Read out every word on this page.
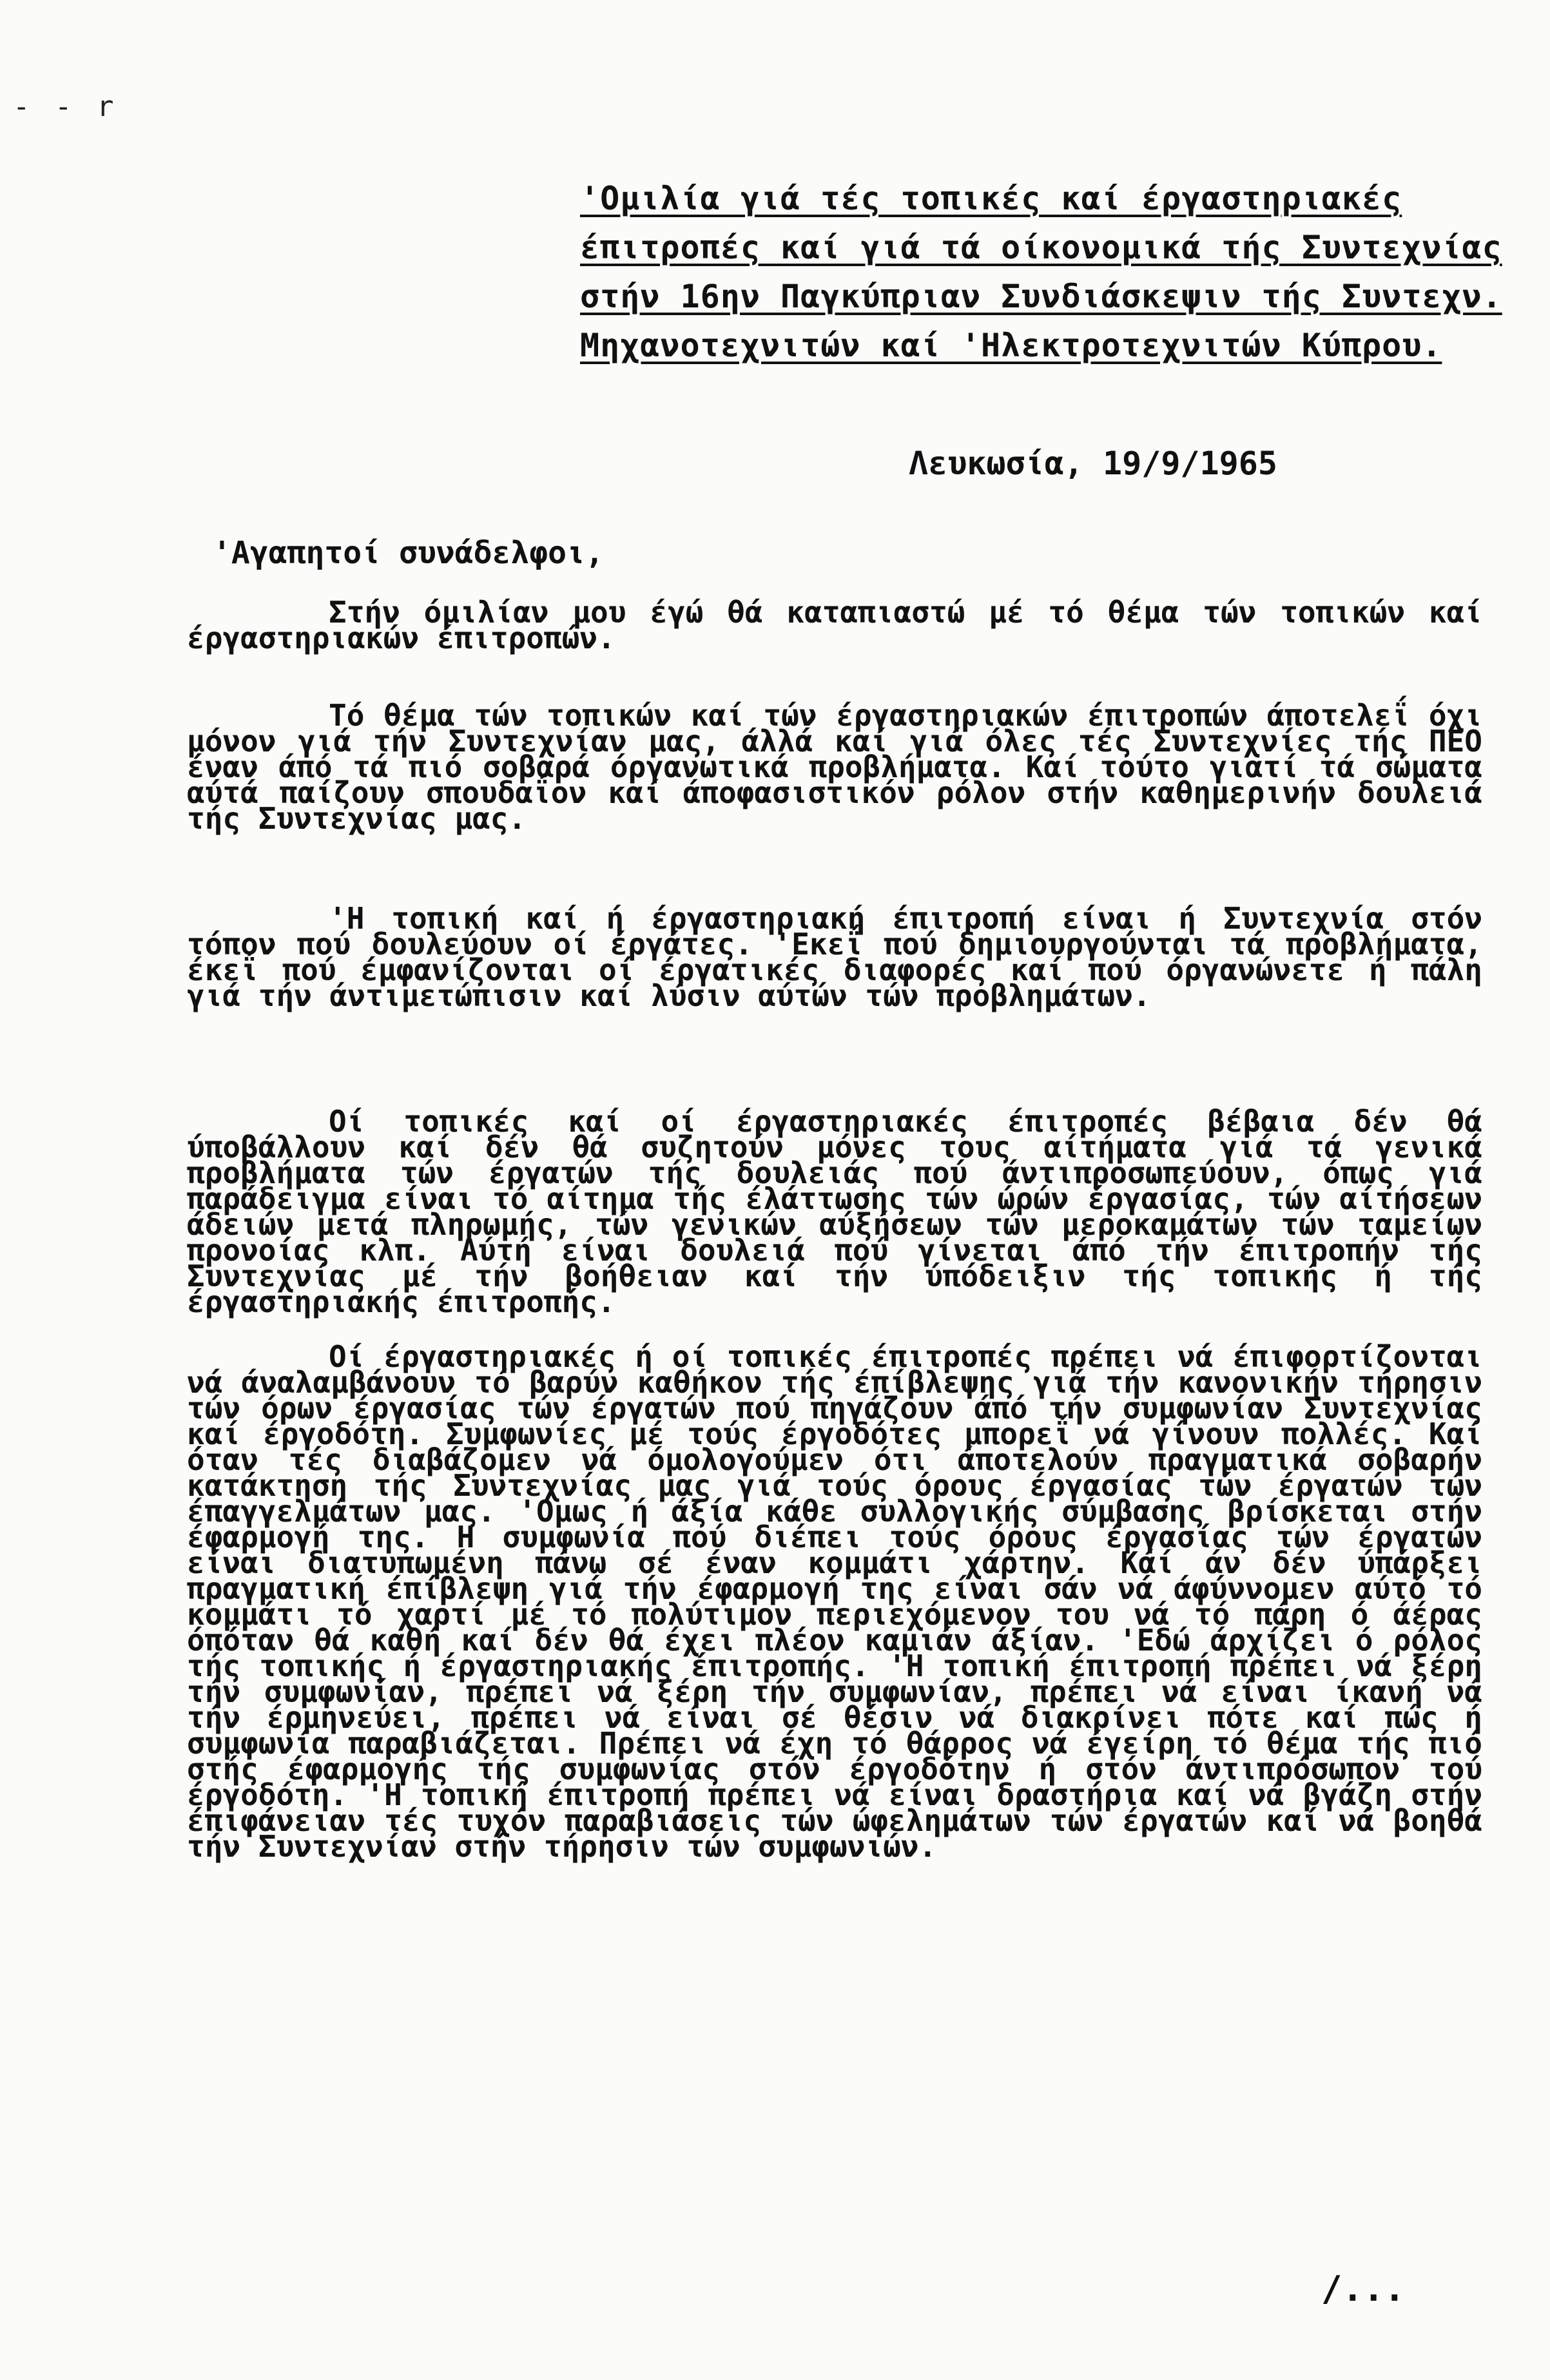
- - r
'Ομιλία γιά τές τοπικές καί έργαστηριακές
έπιτροπές καί γιά τά οίκονομικά τής Συντεχνίας
στήν 16ην Παγκύπριαν Συνδιάσκεψιν τής Συντεχν.
Μηχανοτεχνιτών καί 'Ηλεκτροτεχνιτών Κύπρου.
Λευκωσία, 19/9/1965
'Αγαπητοί συνάδελφοι,

Στήν όμιλίαν μου έγώ θά καταπιαστώ μέ τό θέμα τών τοπικών καί έργαστηριακών έπιτροπών.

Τό θέμα τών τοπικών καί τών έργαστηριακών έπιτροπών άποτελεΐ όχι μόνον γιά τήν Συντεχνίαν μας, άλλά καί γιά όλες τές Συντεχνίες τής ΠΕΟ έναν άπό τά πιό σοβαρά όργανωτικά προβλήματα. Καί τούτο γιατί τά σώματα αύτά παίζουν σπουδαΐον καί άποφασιστικόν ρόλον στήν καθημερινήν δουλειά τής Συντεχνίας μας.

'Η τοπική καί ή έργαστηριακή έπιτροπή είναι ή Συντεχνία στόν τόπον πού δουλεύουν οί έργάτες. 'Εκεΐ πού δημιουργούνται τά προβλήματα, έκεΐ πού έμφανίζονται οί έργατικές διαφορές καί πού όργανώνετε ή πάλη γιά τήν άντιμετώπισιν καί λύσιν αύτών τών προβλημάτων.

Οί τοπικές καί οί έργαστηριακές έπιτροπές βέβαια δέν θά ύποβάλλουν καί δέν θά συζητούν μόνες τους αίτήματα γιά τά γενικά προβλήματα τών έργατών τής δουλειάς πού άντιπροσωπεύουν, όπως γιά παράδειγμα είναι τό αίτημα τής έλάττωσης τών ώρών έργασίας, τών αίτήσεων άδειών μετά πληρωμής, τών γενικών αύξήσεων τών μεροκαμάτων τών ταμείων προνοίας κλπ. Αύτή είναι δουλειά πού γίνεται άπό τήν έπιτροπήν τής Συντεχνίας μέ τήν βοήθειαν καί τήν ύπόδειξιν τής τοπικής ή τής έργαστηριακής έπιτροπής.

Οί έργαστηριακές ή οί τοπικές έπιτροπές πρέπει νά έπιφορτίζονται νά άναλαμβάνουν τό βαρύν καθήκον τής έπίβλεψης γιά τήν κανονικήν τήρησιν τών όρων έργασίας τών έργατών πού πηγάζουν άπό τήν συμφωνίαν Συντεχνίας καί έργοδότη. Συμφωνίες μέ τούς έργοδότες μπορεΐ νά γίνουν πολλές. Καί όταν τές διαβάζομεν νά όμολογούμεν ότι άποτελούν πραγματικά σοβαρήν κατάκτηση τής Συντεχνίας μας γιά τούς όρους έργασίας τών έργατών τών έπαγγελμάτων μας. 'Ομως ή άξία κάθε συλλογικής σύμβασης βρίσκεται στήν έφαρμογή της. Η συμφωνία πού διέπει τούς όρους έργασίας τών έργατών είναι διατυπωμένη πάνω σέ έναν κομμάτι χάρτην. Κάί άν δέν ύπάρξει πραγματική έπίβλεψη γιά τήν έφαρμογή της είναι σάν νά άφύννομεν αύτό τό κομμάτι τό χαρτί μέ τό πολύτιμον περιεχόμενον του νά τό πάρη ό άέρας όπόταν θά καθή καί δέν θά έχει πλέον καμιάν άξίαν. 'Εδώ άρχίζει ό ρόλος τής τοπικής ή έργαστηριακής έπιτροπής. 'Η τοπική έπιτροπή πρέπει νά ξέρη τήν συμφωνίαν, πρέπει νά ξέρη τήν συμφωνίαν, πρέπει νά είναι ίκανή νά τήν έρμηνεύει, πρέπει νά είναι σέ θέσιν νά διακρίνει πότε καί πώς ή συμφωνία παραβιάζεται. Πρέπει νά έχη τό θάρρος νά έγείρη τό θέμα τής πιό στής έφαρμογής τής συμφωνίας στόν έργοδότην ή στόν άντιπρόσωπον τού έργοδότη. 'Η τοπική έπιτροπή πρέπει νά είναι δραστήρια καί νά βγάζη στήν έπιφάνειαν τές τυχόν παραβιάσεις τών ώφελημάτων τών έργατών καί νά βοηθά τήν Συντεχνίαν στήν τήρησιν τών συμφωνιών.

/...
